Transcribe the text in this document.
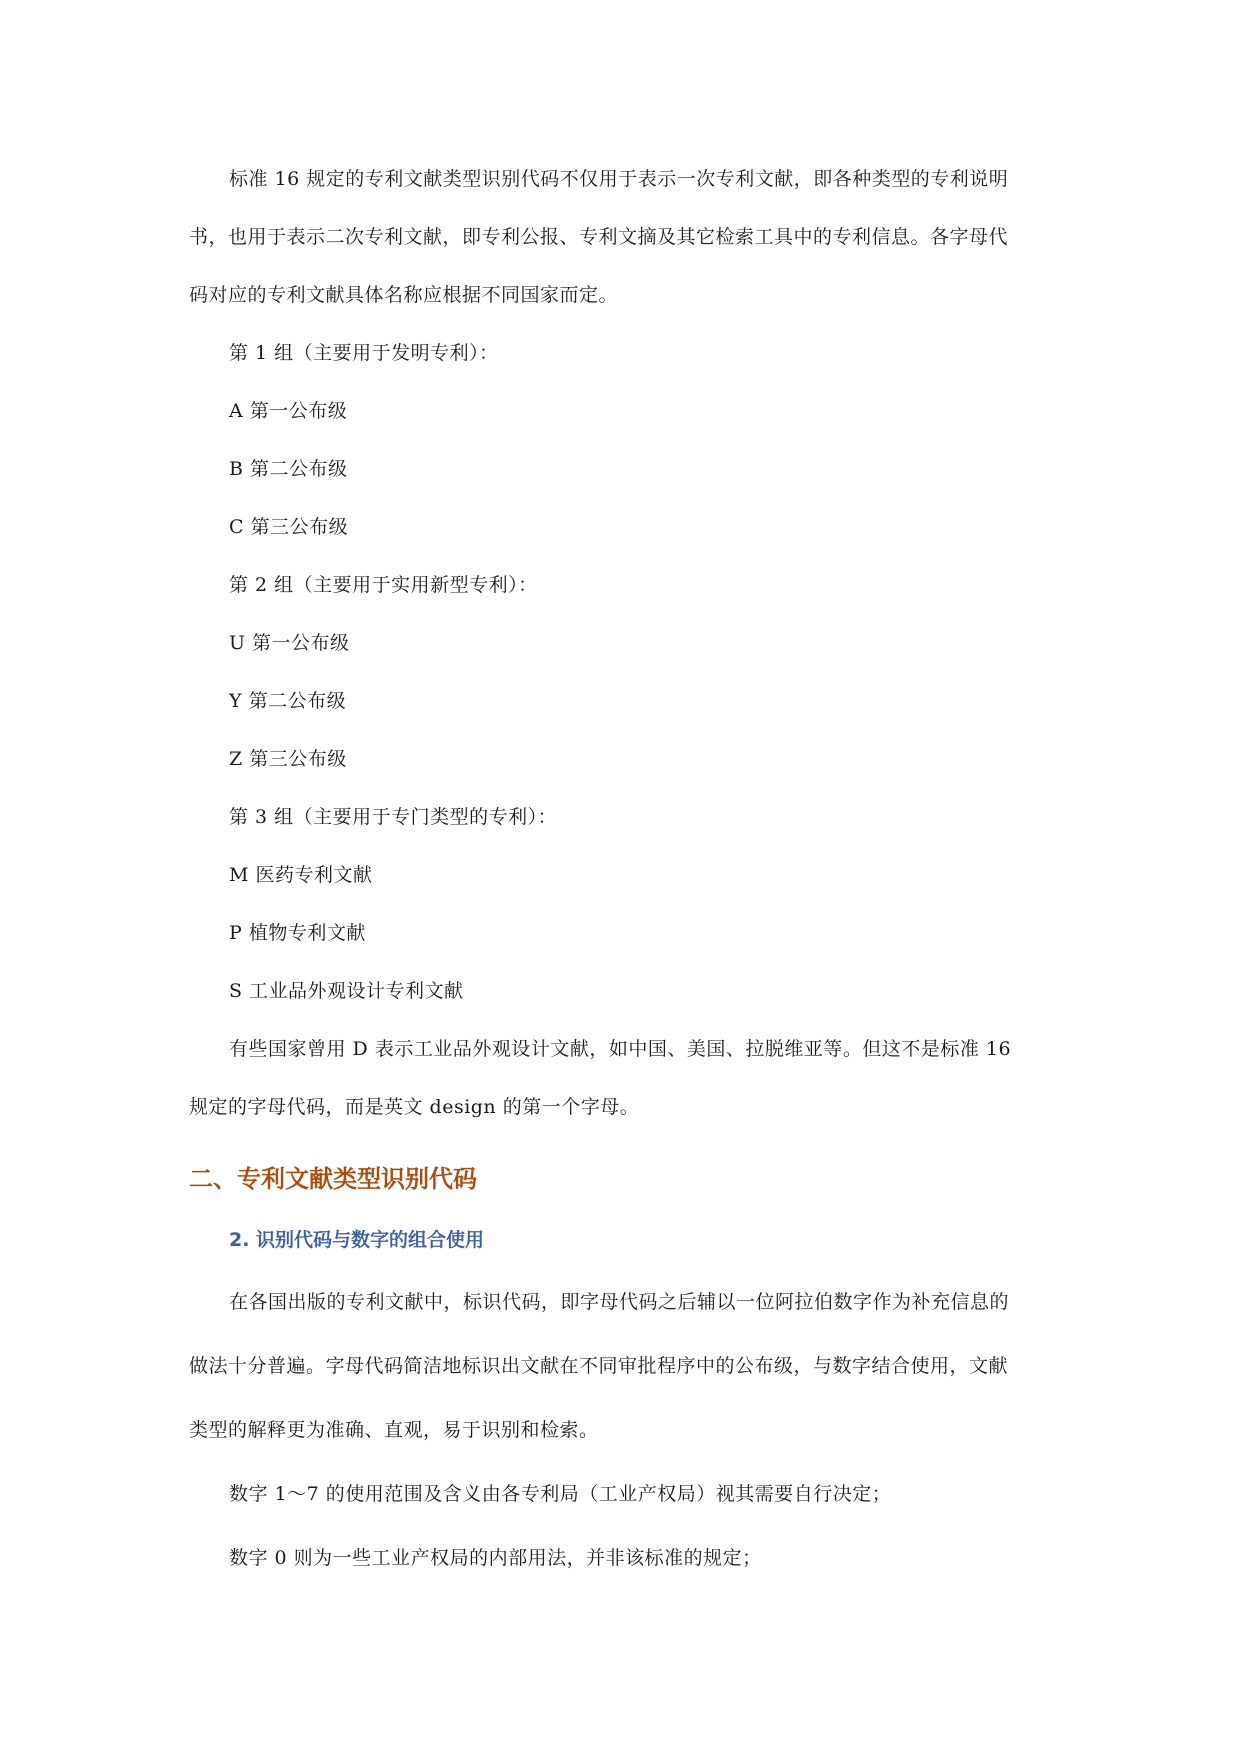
标准 16 规定的专利文献类型识别代码不仅用于表示一次专利文献，即各种类型的专利说明
书，也用于表示二次专利文献，即专利公报、专利文摘及其它检索工具中的专利信息。各字母代
码对应的专利文献具体名称应根据不同国家而定。
第 1 组（主要用于发明专利）：
A 第一公布级
B 第二公布级
C 第三公布级
第 2 组（主要用于实用新型专利）：
U 第一公布级
Y 第二公布级
Z 第三公布级
第 3 组（主要用于专门类型的专利）：
M 医药专利文献
P 植物专利文献
S 工业品外观设计专利文献
有些国家曾用 D 表示工业品外观设计文献，如中国、美国、拉脱维亚等。但这不是标准 16
规定的字母代码，而是英文 design 的第一个字母。
二、专利文献类型识别代码
2. 识别代码与数字的组合使用
在各国出版的专利文献中，标识代码，即字母代码之后辅以一位阿拉伯数字作为补充信息的
做法十分普遍。字母代码简洁地标识出文献在不同审批程序中的公布级，与数字结合使用，文献
类型的解释更为准确、直观，易于识别和检索。
数字 1～7 的使用范围及含义由各专利局（工业产权局）视其需要自行决定；
数字 0 则为一些工业产权局的内部用法，并非该标准的规定；
